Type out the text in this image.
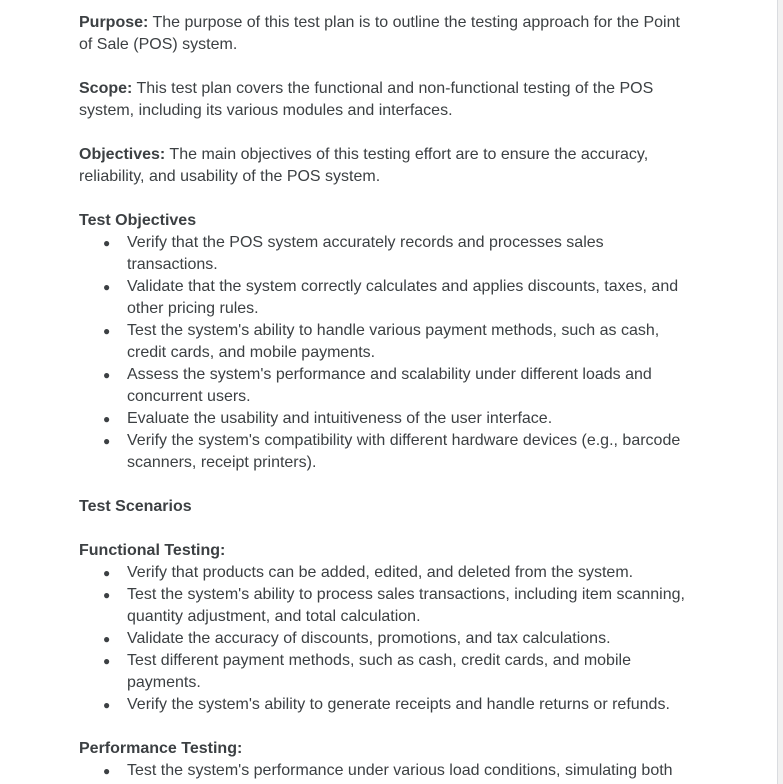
Purpose: The purpose of this test plan is to outline the testing approach for the Point of Sale (POS) system.

Scope: This test plan covers the functional and non-functional testing of the POS system, including its various modules and interfaces.

Objectives: The main objectives of this testing effort are to ensure the accuracy, reliability, and usability of the POS system.

Test Objectives
● Verify that the POS system accurately records and processes sales transactions.
● Validate that the system correctly calculates and applies discounts, taxes, and other pricing rules.
● Test the system's ability to handle various payment methods, such as cash, credit cards, and mobile payments.
● Assess the system's performance and scalability under different loads and concurrent users.
● Evaluate the usability and intuitiveness of the user interface.
● Verify the system's compatibility with different hardware devices (e.g., barcode scanners, receipt printers).
Test Scenarios
Functional Testing:
● Verify that products can be added, edited, and deleted from the system.
● Test the system's ability to process sales transactions, including item scanning, quantity adjustment, and total calculation.
● Validate the accuracy of discounts, promotions, and tax calculations.
● Test different payment methods, such as cash, credit cards, and mobile payments.
● Verify the system's ability to generate receipts and handle returns or refunds.
Performance Testing:
● Test the system's performance under various load conditions, simulating both
